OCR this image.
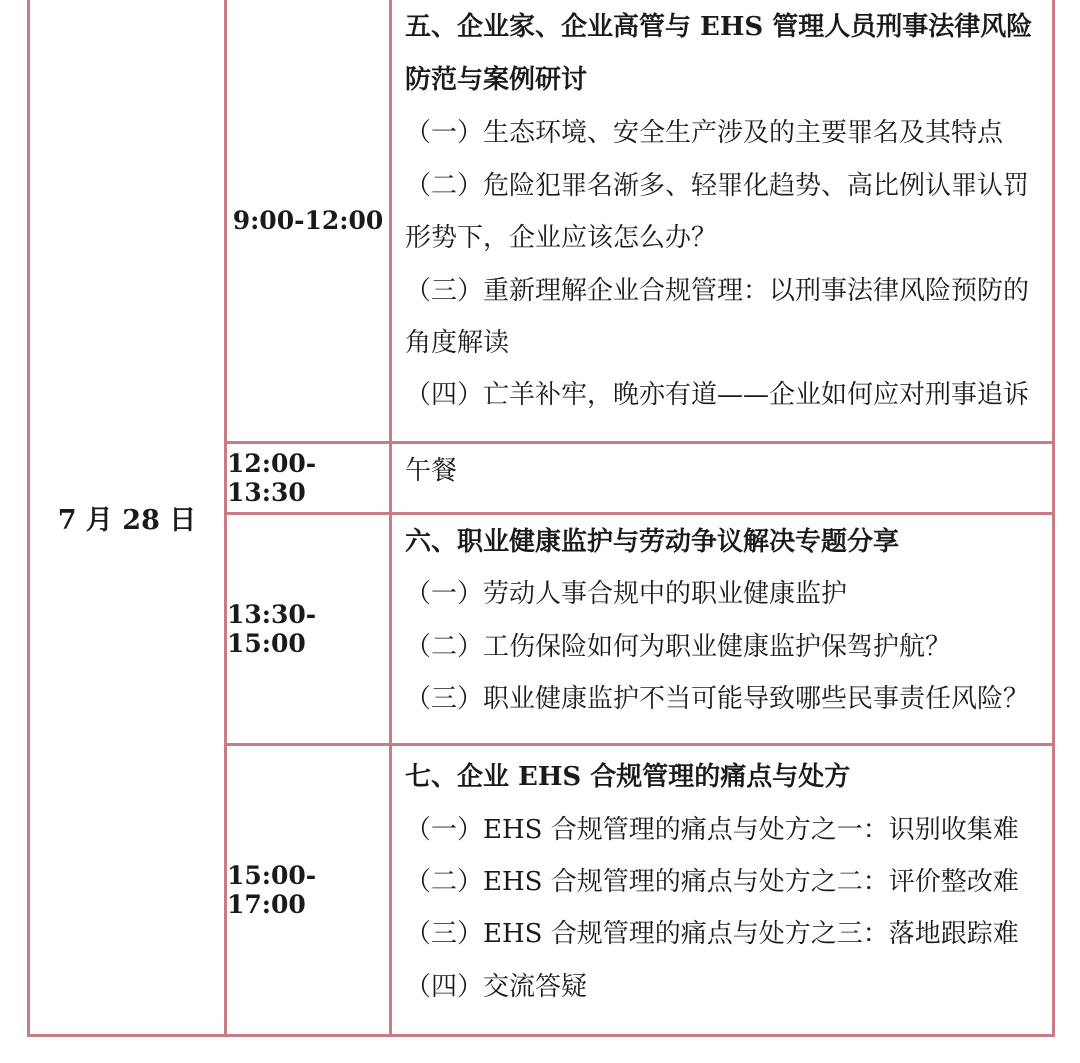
7 月 28 日
9:00-12:00
五、企业家、企业高管与 EHS 管理人员刑事法律风险
防范与案例研讨
（一）生态环境、安全生产涉及的主要罪名及其特点
（二）危险犯罪名渐多、轻罪化趋势、高比例认罪认罚
形势下，企业应该怎么办？
（三）重新理解企业合规管理：以刑事法律风险预防的
角度解读
（四）亡羊补牢，晚亦有道——企业如何应对刑事追诉
12:00-13:30
午餐
13:30-15:00
六、职业健康监护与劳动争议解决专题分享
（一）劳动人事合规中的职业健康监护
（二）工伤保险如何为职业健康监护保驾护航？
（三）职业健康监护不当可能导致哪些民事责任风险？
15:00-17:00
七、企业 EHS 合规管理的痛点与处方
（一）EHS 合规管理的痛点与处方之一：识别收集难
（二）EHS 合规管理的痛点与处方之二：评价整改难
（三）EHS 合规管理的痛点与处方之三：落地跟踪难
（四）交流答疑
